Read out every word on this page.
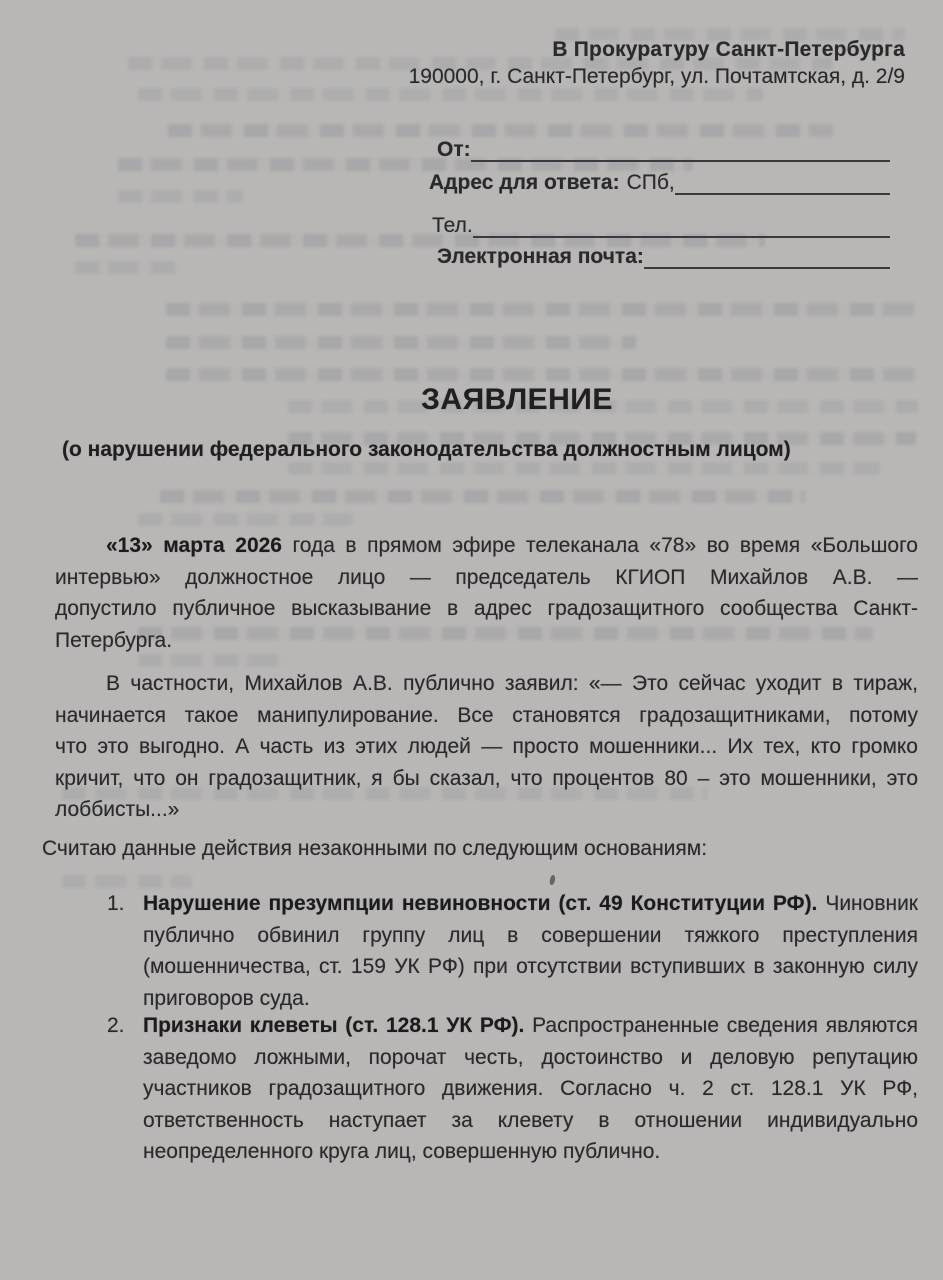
В Прокуратуру Санкт-Петербурга
190000, г. Санкт-Петербург, ул. Почтамтская, д. 2/9
От:
Адрес для ответа: СПб,
Тел.
Электронная почта:
ЗАЯВЛЕНИЕ
(о нарушении федерального законодательства должностным лицом)
«13» марта 2026 года в прямом эфире телеканала «78» во время «Большого
интервью» должностное лицо — председатель КГИОП Михайлов А.В. —
допустило публичное высказывание в адрес градозащитного сообщества Санкт-
Петербурга.
В частности, Михайлов А.В. публично заявил: «— Это сейчас уходит в тираж,
начинается такое манипулирование. Все становятся градозащитниками, потому
что это выгодно. А часть из этих людей — просто мошенники... Их тех, кто громко
кричит, что он градозащитник, я бы сказал, что процентов 80 – это мошенники, это
лоббисты...»
Считаю данные действия незаконными по следующим основаниям:
1. Нарушение презумпции невиновности (ст. 49 Конституции РФ). Чиновник
публично обвинил группу лиц в совершении тяжкого преступления
(мошенничества, ст. 159 УК РФ) при отсутствии вступивших в законную силу
приговоров суда.
2. Признаки клеветы (ст. 128.1 УК РФ). Распространенные сведения являются
заведомо ложными, порочат честь, достоинство и деловую репутацию
участников градозащитного движения. Согласно ч. 2 ст. 128.1 УК РФ,
ответственность наступает за клевету в отношении индивидуально
неопределенного круга лиц, совершенную публично.
